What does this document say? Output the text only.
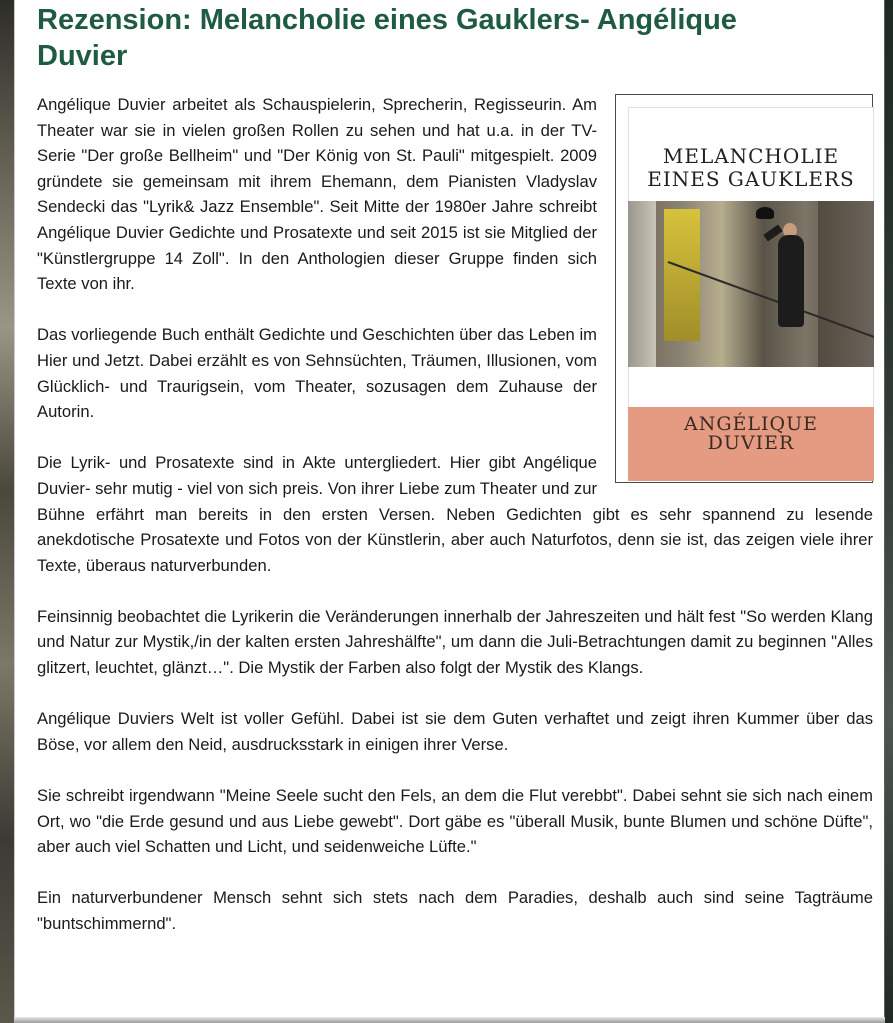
Rezension: Melancholie eines Gauklers- Angélique Duvier
MELANCHOLIE
EINES GAUKLERS
ANGÉLIQUE
DUVIER

Angélique Duvier arbeitet als Schauspielerin, Sprecherin, Regisseurin. Am Theater war sie in vielen großen Rollen zu sehen und hat u.a. in der TV-Serie "Der große Bellheim" und "Der König von St. Pauli" mitgespielt. 2009 gründete sie gemeinsam mit ihrem Ehemann, dem Pianisten Vladyslav Sendecki das "Lyrik& Jazz Ensemble". Seit Mitte der 1980er Jahre schreibt Angélique Duvier Gedichte und Prosatexte und seit 2015 ist sie Mitglied der "Künstlergruppe 14 Zoll". In den Anthologien dieser Gruppe finden sich Texte von ihr.

Das vorliegende Buch enthält Gedichte und Geschichten über das Leben im Hier und Jetzt. Dabei erzählt es von Sehnsüchten, Träumen, Illusionen, vom Glücklich- und Traurigsein, vom Theater, sozusagen dem Zuhause der Autorin.

Die Lyrik- und Prosatexte sind in Akte untergliedert. Hier gibt Angélique Duvier- sehr mutig - viel von sich preis. Von ihrer Liebe zum Theater und zur Bühne erfährt man bereits in den ersten Versen. Neben Gedichten gibt es sehr spannend zu lesende anekdotische Prosatexte und Fotos von der Künstlerin, aber auch Naturfotos, denn sie ist, das zeigen viele ihrer Texte, überaus naturverbunden.

Feinsinnig beobachtet die Lyrikerin die Veränderungen innerhalb der Jahreszeiten und hält fest "So werden Klang und Natur zur Mystik,/in der kalten ersten Jahreshälfte", um dann die Juli-Betrachtungen damit zu beginnen "Alles glitzert, leuchtet, glänzt…". Die Mystik der Farben also folgt der Mystik des Klangs.

Angélique Duviers Welt ist voller Gefühl. Dabei ist sie dem Guten verhaftet und zeigt ihren Kummer über das Böse, vor allem den Neid, ausdrucksstark in einigen ihrer Verse.

Sie schreibt irgendwann "Meine Seele sucht den Fels, an dem die Flut verebbt". Dabei sehnt sie sich nach einem Ort, wo "die Erde gesund und aus Liebe gewebt". Dort gäbe es "überall Musik, bunte Blumen und schöne Düfte", aber auch viel Schatten und Licht, und seidenweiche Lüfte."

Ein naturverbundener Mensch sehnt sich stets nach dem Paradies, deshalb auch sind seine Tagträume "buntschimmernd".
